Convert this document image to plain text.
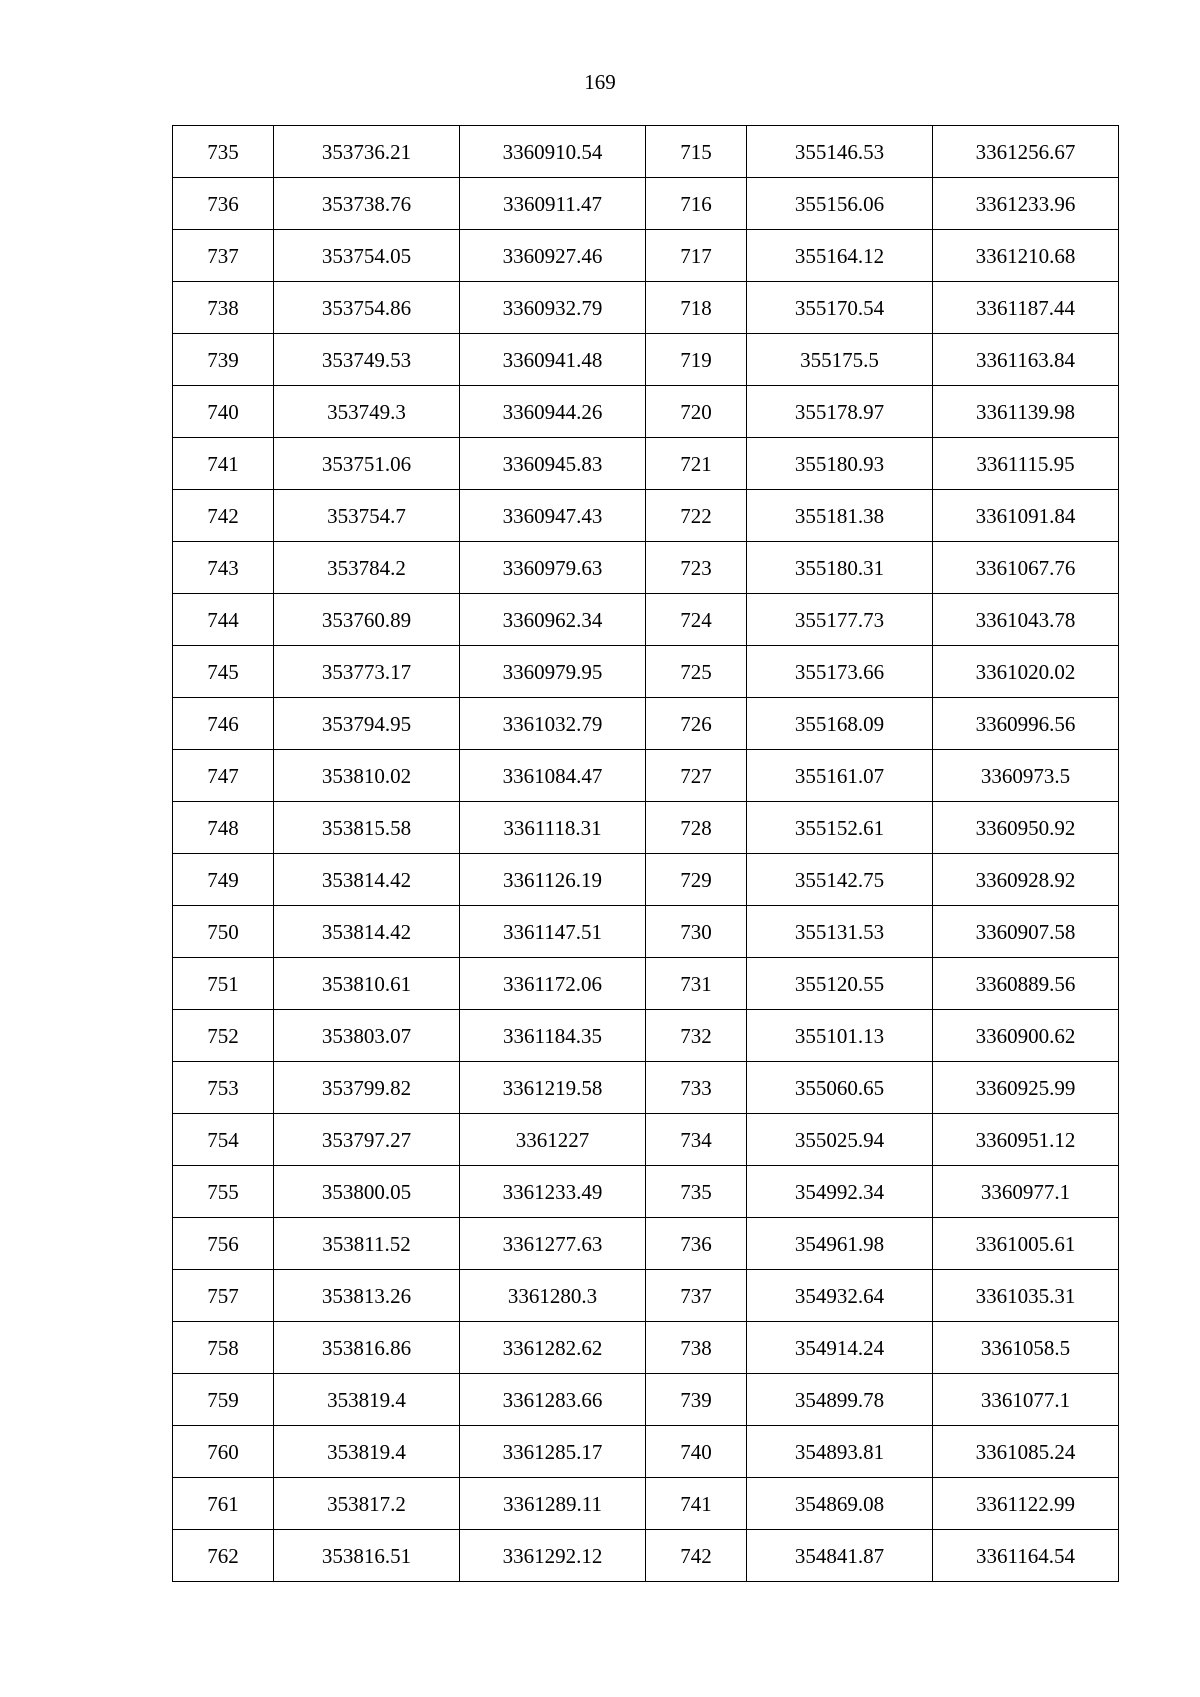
169
735	353736.21	3360910.54	715	355146.53	3361256.67
736	353738.76	3360911.47	716	355156.06	3361233.96
737	353754.05	3360927.46	717	355164.12	3361210.68
738	353754.86	3360932.79	718	355170.54	3361187.44
739	353749.53	3360941.48	719	355175.5	3361163.84
740	353749.3	3360944.26	720	355178.97	3361139.98
741	353751.06	3360945.83	721	355180.93	3361115.95
742	353754.7	3360947.43	722	355181.38	3361091.84
743	353784.2	3360979.63	723	355180.31	3361067.76
744	353760.89	3360962.34	724	355177.73	3361043.78
745	353773.17	3360979.95	725	355173.66	3361020.02
746	353794.95	3361032.79	726	355168.09	3360996.56
747	353810.02	3361084.47	727	355161.07	3360973.5
748	353815.58	3361118.31	728	355152.61	3360950.92
749	353814.42	3361126.19	729	355142.75	3360928.92
750	353814.42	3361147.51	730	355131.53	3360907.58
751	353810.61	3361172.06	731	355120.55	3360889.56
752	353803.07	3361184.35	732	355101.13	3360900.62
753	353799.82	3361219.58	733	355060.65	3360925.99
754	353797.27	3361227	734	355025.94	3360951.12
755	353800.05	3361233.49	735	354992.34	3360977.1
756	353811.52	3361277.63	736	354961.98	3361005.61
757	353813.26	3361280.3	737	354932.64	3361035.31
758	353816.86	3361282.62	738	354914.24	3361058.5
759	353819.4	3361283.66	739	354899.78	3361077.1
760	353819.4	3361285.17	740	354893.81	3361085.24
761	353817.2	3361289.11	741	354869.08	3361122.99
762	353816.51	3361292.12	742	354841.87	3361164.54
